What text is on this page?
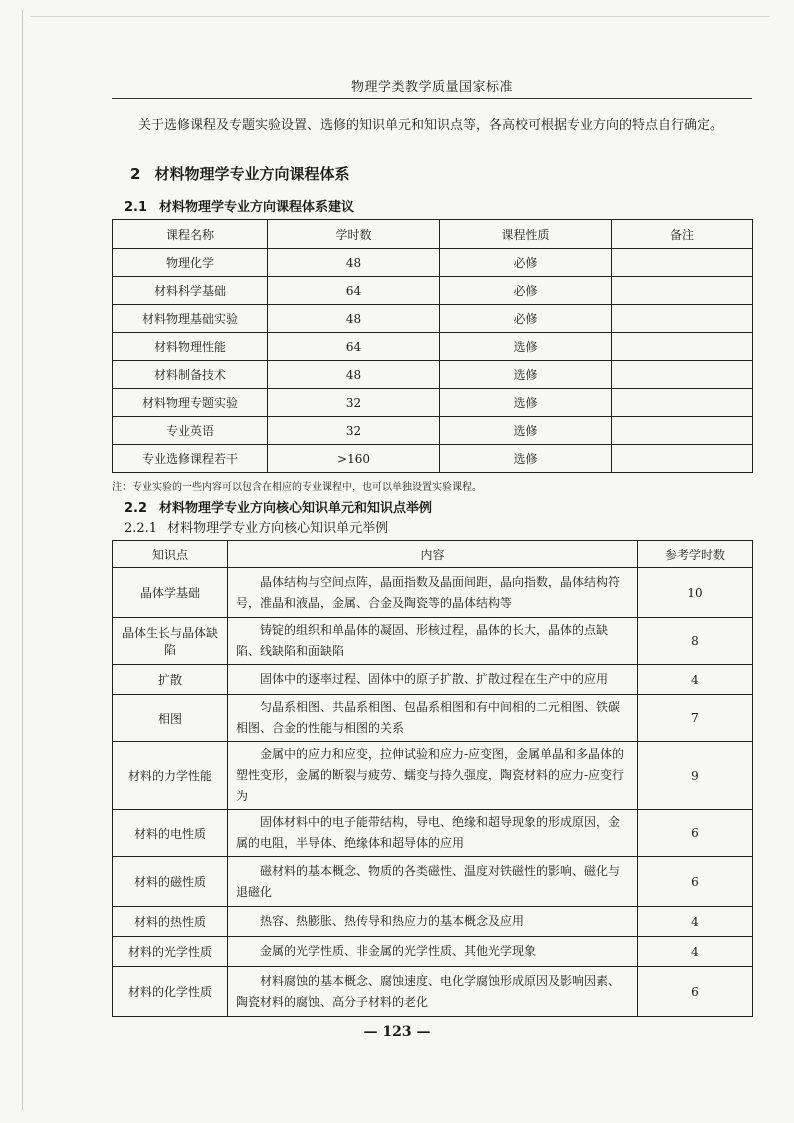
物理学类教学质量国家标准
关于选修课程及专题实验设置、选修的知识单元和知识点等，各高校可根据专业方向的特点自行确定。
2 材料物理学专业方向课程体系
2.1 材料物理学专业方向课程体系建议
课程名称	学时数	课程性质	备注
物理化学	48	必修	
材料科学基础	64	必修	
材料物理基础实验	48	必修	
材料物理性能	64	选修	
材料制备技术	48	选修	
材料物理专题实验	32	选修	
专业英语	32	选修	
专业选修课程若干	>160	选修	
注：专业实验的一些内容可以包含在相应的专业课程中，也可以单独设置实验课程。
2.2 材料物理学专业方向核心知识单元和知识点举例
2.2.1 材料物理学专业方向核心知识单元举例
知识点	内容	参考学时数
晶体学基础	晶体结构与空间点阵，晶面指数及晶面间距，晶向指数，晶体结构符号，准晶和液晶，金属、合金及陶瓷等的晶体结构等	10
晶体生长与晶体缺陷	铸锭的组织和单晶体的凝固、形核过程，晶体的长大，晶体的点缺陷、线缺陷和面缺陷	8
扩散	固体中的逐率过程、固体中的原子扩散、扩散过程在生产中的应用	4
相图	匀晶系相图、共晶系相图、包晶系相图和有中间相的二元相图、铁碳相图、合金的性能与相图的关系	7
材料的力学性能	金属中的应力和应变，拉伸试验和应力-应变图，金属单晶和多晶体的塑性变形，金属的断裂与疲劳、蠕变与持久强度，陶瓷材料的应力-应变行为	9
材料的电性质	固体材料中的电子能带结构，导电、绝缘和超导现象的形成原因，金属的电阻，半导体、绝缘体和超导体的应用	6
材料的磁性质	磁材料的基本概念、物质的各类磁性、温度对铁磁性的影响、磁化与退磁化	6
材料的热性质	热容、热膨胀、热传导和热应力的基本概念及应用	4
材料的光学性质	金属的光学性质、非金属的光学性质、其他光学现象	4
材料的化学性质	材料腐蚀的基本概念、腐蚀速度、电化学腐蚀形成原因及影响因素、陶瓷材料的腐蚀、高分子材料的老化	6
— 123 —
